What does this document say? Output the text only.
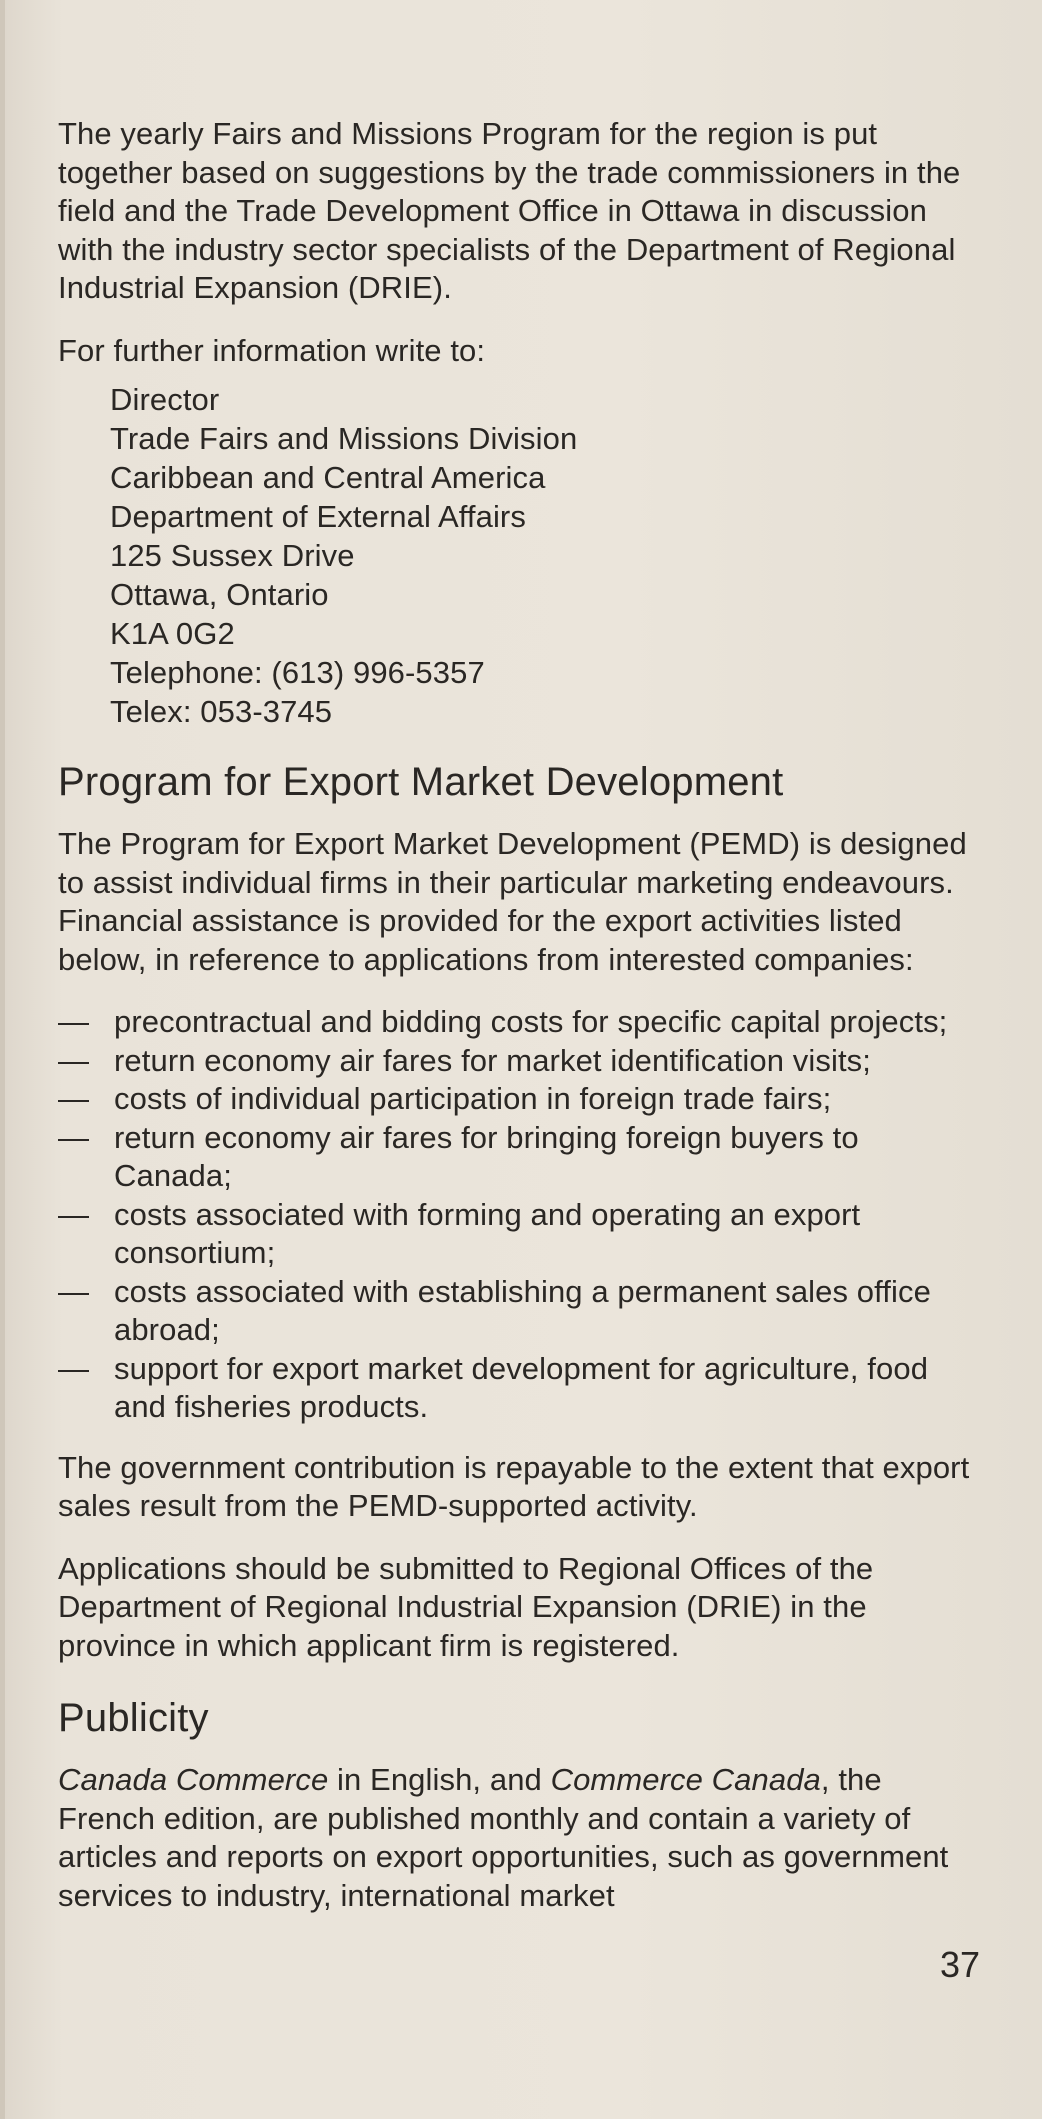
The yearly Fairs and Missions Program for the region is put together based on suggestions by the trade commissioners in the field and the Trade Development Office in Ottawa in discussion with the industry sector specialists of the Department of Regional Industrial Expansion (DRIE).

For further information write to:

Director
Trade Fairs and Missions Division
Caribbean and Central America
Department of External Affairs
125 Sussex Drive
Ottawa, Ontario
K1A 0G2
Telephone: (613) 996-5357
Telex: 053-3745
Program for Export Market Development

The Program for Export Market Development (PEMD) is designed to assist individual firms in their particular marketing endeavours. Financial assistance is provided for the export activities listed below, in reference to applications from interested companies:

— precontractual and bidding costs for specific capital projects;
— return economy air fares for market identification visits;
— costs of individual participation in foreign trade fairs;
— return economy air fares for bringing foreign buyers to Canada;
— costs associated with forming and operating an export consortium;
— costs associated with establishing a permanent sales office abroad;
— support for export market development for agriculture, food and fisheries products.

The government contribution is repayable to the extent that export sales result from the PEMD-supported activity.

Applications should be submitted to Regional Offices of the Department of Regional Industrial Expansion (DRIE) in the province in which applicant firm is registered.

Publicity

Canada Commerce in English, and Commerce Canada, the French edition, are published monthly and contain a variety of articles and reports on export opportunities, such as government services to industry, international market

37
